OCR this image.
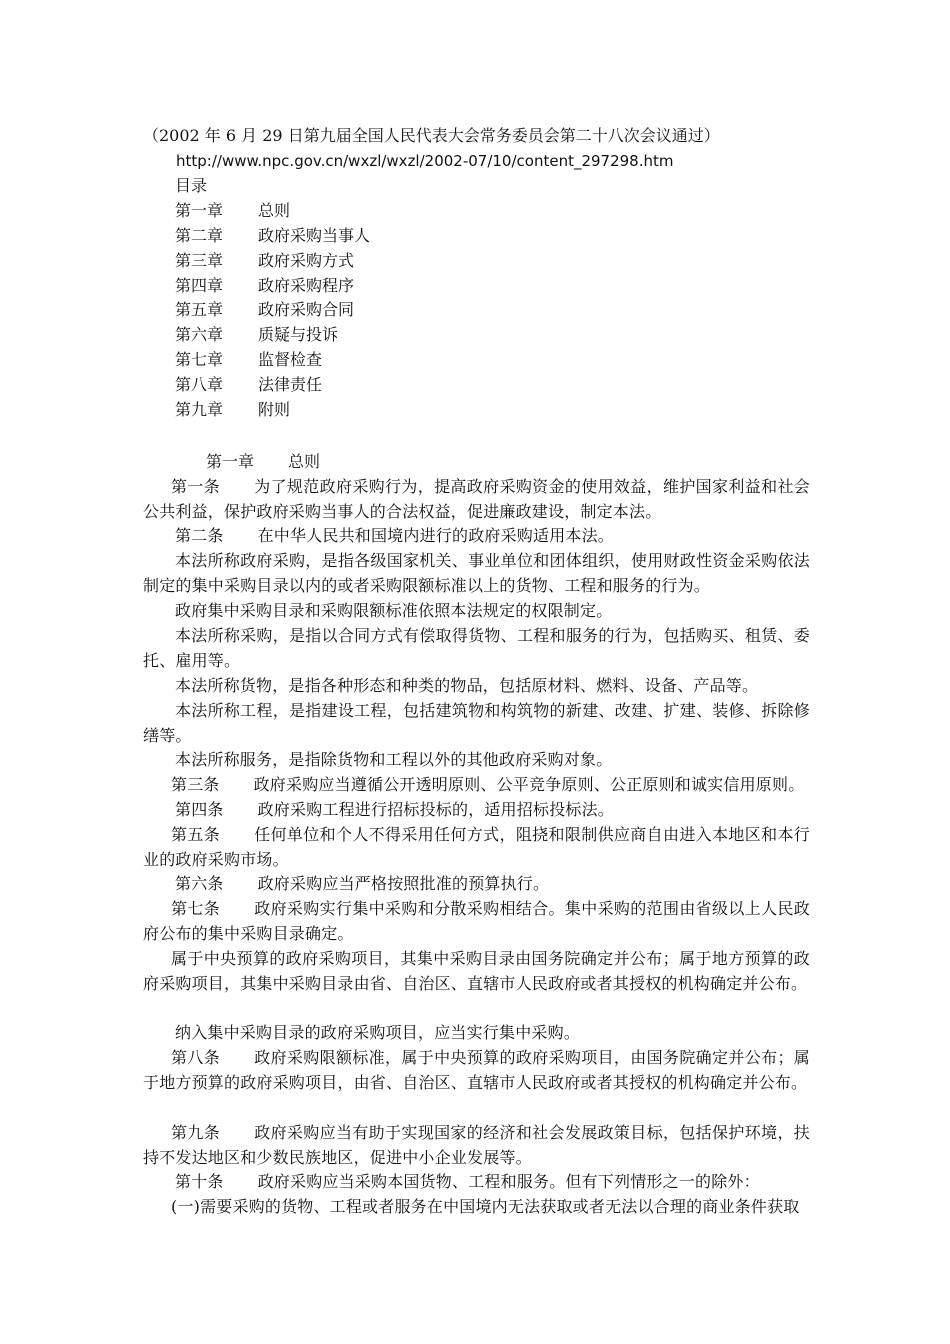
（2002 年 6 月 29 日第九届全国人民代表大会常务委员会第二十八次会议通过）
http://www.npc.gov.cn/wxzl/wxzl/2002-07/10/content_297298.htm
目录
第一章 总则
第二章 政府采购当事人
第三章 政府采购方式
第四章 政府采购程序
第五章 政府采购合同
第六章 质疑与投诉
第七章 监督检查
第八章 法律责任
第九章 附则
第一章 总则
第一条 为了规范政府采购行为，提高政府采购资金的使用效益，维护国家利益和社会公共利益，保护政府采购当事人的合法权益，促进廉政建设，制定本法。
第二条 在中华人民共和国境内进行的政府采购适用本法。
本法所称政府采购，是指各级国家机关、事业单位和团体组织，使用财政性资金采购依法制定的集中采购目录以内的或者采购限额标准以上的货物、工程和服务的行为。
政府集中采购目录和采购限额标准依照本法规定的权限制定。
本法所称采购，是指以合同方式有偿取得货物、工程和服务的行为，包括购买、租赁、委托、雇用等。
本法所称货物，是指各种形态和种类的物品，包括原材料、燃料、设备、产品等。
本法所称工程，是指建设工程，包括建筑物和构筑物的新建、改建、扩建、装修、拆除修缮等。
本法所称服务，是指除货物和工程以外的其他政府采购对象。
第三条 政府采购应当遵循公开透明原则、公平竞争原则、公正原则和诚实信用原则。
第四条 政府采购工程进行招标投标的，适用招标投标法。
第五条 任何单位和个人不得采用任何方式，阻挠和限制供应商自由进入本地区和本行业的政府采购市场。
第六条 政府采购应当严格按照批准的预算执行。
第七条 政府采购实行集中采购和分散采购相结合。集中采购的范围由省级以上人民政府公布的集中采购目录确定。
属于中央预算的政府采购项目，其集中采购目录由国务院确定并公布；属于地方预算的政府采购项目，其集中采购目录由省、自治区、直辖市人民政府或者其授权的机构确定并公布。
纳入集中采购目录的政府采购项目，应当实行集中采购。
第八条 政府采购限额标准，属于中央预算的政府采购项目，由国务院确定并公布；属于地方预算的政府采购项目，由省、自治区、直辖市人民政府或者其授权的机构确定并公布。
第九条 政府采购应当有助于实现国家的经济和社会发展政策目标，包括保护环境，扶持不发达地区和少数民族地区，促进中小企业发展等。
第十条 政府采购应当采购本国货物、工程和服务。但有下列情形之一的除外：
(一)需要采购的货物、工程或者服务在中国境内无法获取或者无法以合理的商业条件获取
